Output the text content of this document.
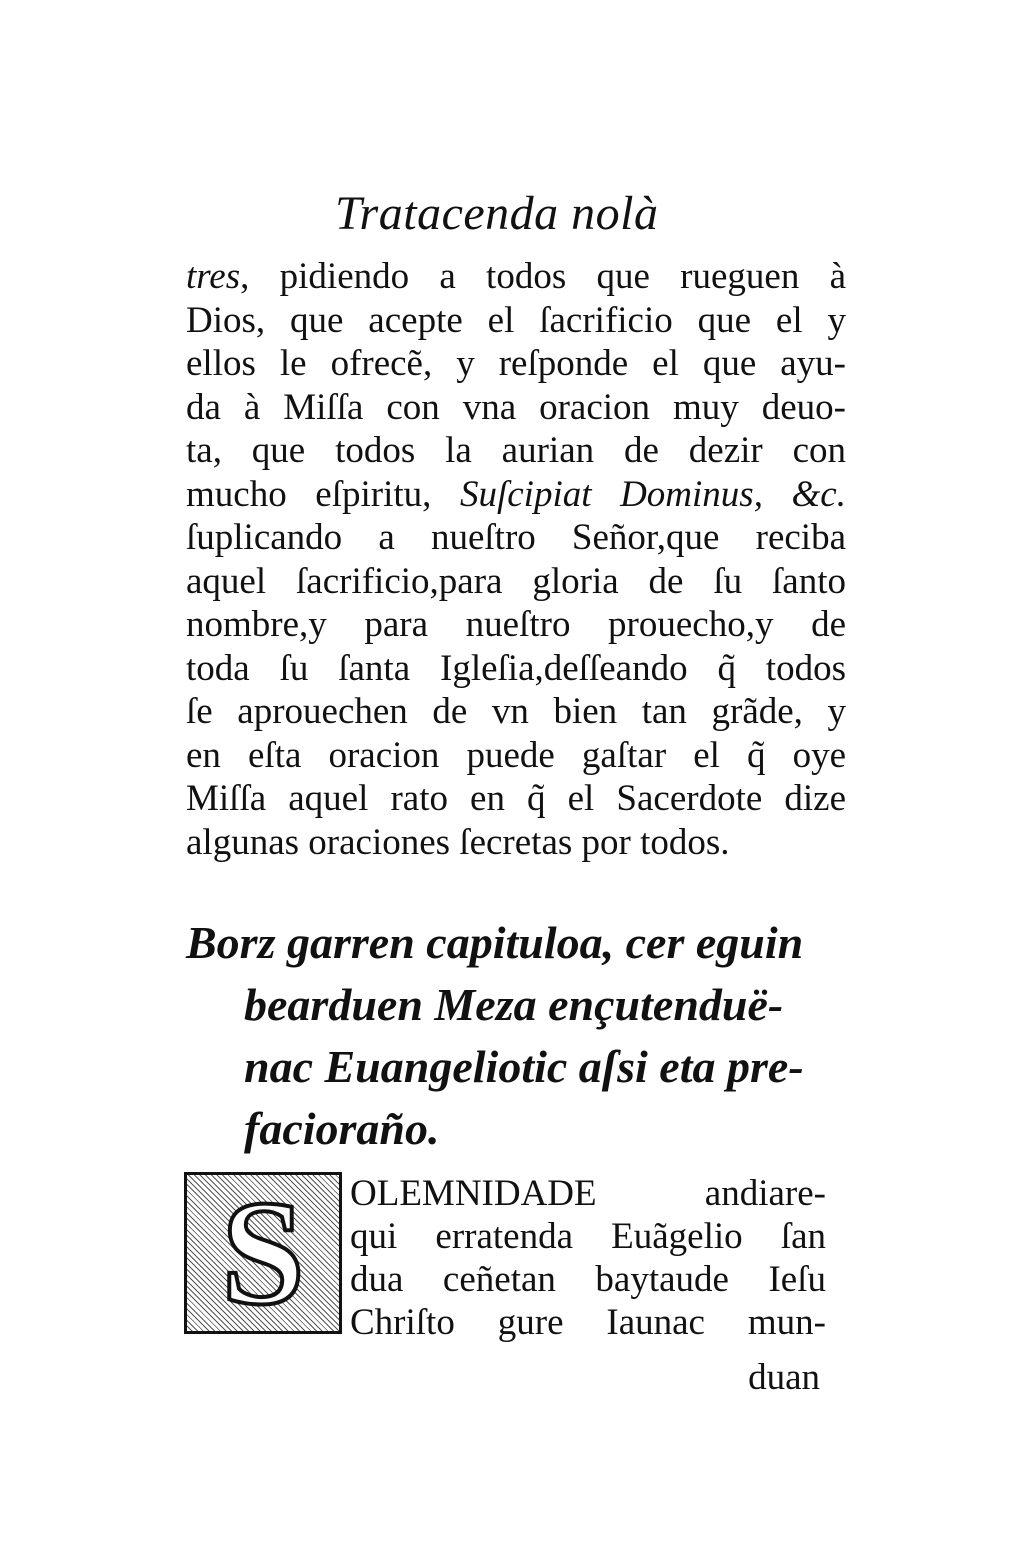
Tratacenda nolà
tres, pidiendo a todos que rueguen à
Dios, que acepte el ſacrificio que el y
ellos le ofrecẽ, y reſponde el que ayu-
da à Miſſa con vna oracion muy deuo-
ta, que todos la aurian de dezir con
mucho eſpiritu, Suſcipiat Dominus, &c.
ſuplicando a nueſtro Señor,que reciba
aquel ſacrificio,para gloria de ſu ſanto
nombre,y para nueſtro prouecho,y de
toda ſu ſanta Igleſia,deſſeando q̃ todos
ſe aprouechen de vn bien tan grãde, y
en eſta oracion puede gaſtar el q̃ oye
Miſſa aquel rato en q̃ el Sacerdote dize
algunas oraciones ſecretas por todos.
Borz garren capituloa, cer eguin
bearduen Meza ençutenduë-
nac Euangeliotic aſsi eta pre-
facioraño.
S	OLEMNIDADE andiare-
qui erratenda Euãgelio ſan
dua ceñetan baytaude Ieſu
Chriſto gure Iaunac mun-
duan
